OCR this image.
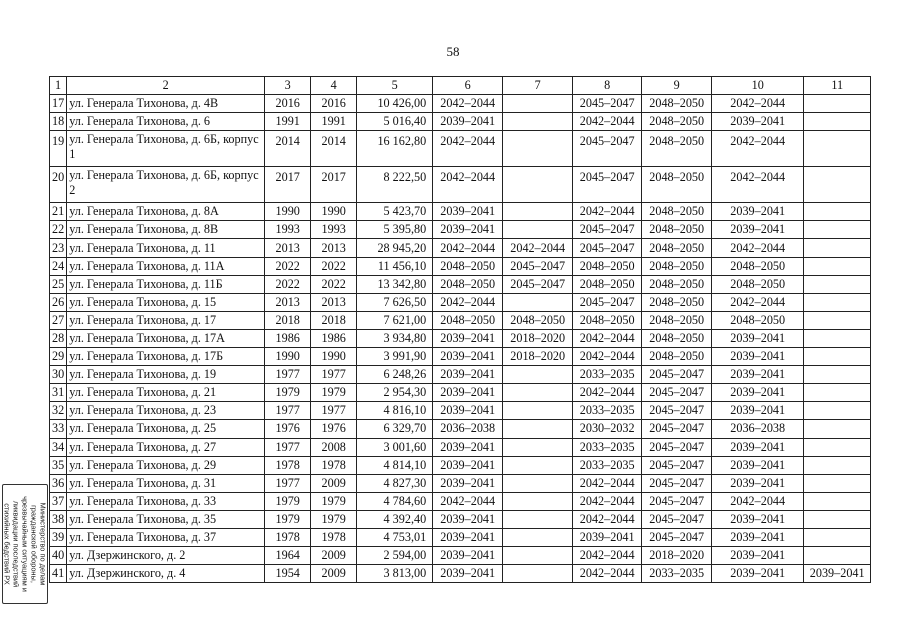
58
1	2	3	4	5	6	7	8	9	10	11
17	ул. Генерала Тихонова, д. 4В	2016	2016	10 426,00	2042–2044		2045–2047	2048–2050	2042–2044	
18	ул. Генерала Тихонова, д. 6	1991	1991	5 016,40	2039–2041		2042–2044	2048–2050	2039–2041	
19	ул. Генерала Тихонова, д. 6Б, корпус 1	2014	2014	16 162,80	2042–2044		2045–2047	2048–2050	2042–2044	
20	ул. Генерала Тихонова, д. 6Б, корпус 2	2017	2017	8 222,50	2042–2044		2045–2047	2048–2050	2042–2044	
21	ул. Генерала Тихонова, д. 8А	1990	1990	5 423,70	2039–2041		2042–2044	2048–2050	2039–2041	
22	ул. Генерала Тихонова, д. 8В	1993	1993	5 395,80	2039–2041		2045–2047	2048–2050	2039–2041	
23	ул. Генерала Тихонова, д. 11	2013	2013	28 945,20	2042–2044	2042–2044	2045–2047	2048–2050	2042–2044	
24	ул. Генерала Тихонова, д. 11А	2022	2022	11 456,10	2048–2050	2045–2047	2048–2050	2048–2050	2048–2050	
25	ул. Генерала Тихонова, д. 11Б	2022	2022	13 342,80	2048–2050	2045–2047	2048–2050	2048–2050	2048–2050	
26	ул. Генерала Тихонова, д. 15	2013	2013	7 626,50	2042–2044		2045–2047	2048–2050	2042–2044	
27	ул. Генерала Тихонова, д. 17	2018	2018	7 621,00	2048–2050	2048–2050	2048–2050	2048–2050	2048–2050	
28	ул. Генерала Тихонова, д. 17А	1986	1986	3 934,80	2039–2041	2018–2020	2042–2044	2048–2050	2039–2041	
29	ул. Генерала Тихонова, д. 17Б	1990	1990	3 991,90	2039–2041	2018–2020	2042–2044	2048–2050	2039–2041	
30	ул. Генерала Тихонова, д. 19	1977	1977	6 248,26	2039–2041		2033–2035	2045–2047	2039–2041	
31	ул. Генерала Тихонова, д. 21	1979	1979	2 954,30	2039–2041		2042–2044	2045–2047	2039–2041	
32	ул. Генерала Тихонова, д. 23	1977	1977	4 816,10	2039–2041		2033–2035	2045–2047	2039–2041	
33	ул. Генерала Тихонова, д. 25	1976	1976	6 329,70	2036–2038		2030–2032	2045–2047	2036–2038	
34	ул. Генерала Тихонова, д. 27	1977	2008	3 001,60	2039–2041		2033–2035	2045–2047	2039–2041	
35	ул. Генерала Тихонова, д. 29	1978	1978	4 814,10	2039–2041		2033–2035	2045–2047	2039–2041	
36	ул. Генерала Тихонова, д. 31	1977	2009	4 827,30	2039–2041		2042–2044	2045–2047	2039–2041	
37	ул. Генерала Тихонова, д. 33	1979	1979	4 784,60	2042–2044		2042–2044	2045–2047	2042–2044	
38	ул. Генерала Тихонова, д. 35	1979	1979	4 392,40	2039–2041		2042–2044	2045–2047	2039–2041	
39	ул. Генерала Тихонова, д. 37	1978	1978	4 753,01	2039–2041		2039–2041	2045–2047	2039–2041	
40	ул. Дзержинского, д. 2	1964	2009	2 594,00	2039–2041		2042–2044	2018–2020	2039–2041	
41	ул. Дзержинского, д. 4	1954	2009	3 813,00	2039–2041		2042–2044	2033–2035	2039–2041	2039–2041
Министерство по делам гражданской обороны, чрезвычайным ситуациям и ликвидации последствий стихийных бедствий РХ
